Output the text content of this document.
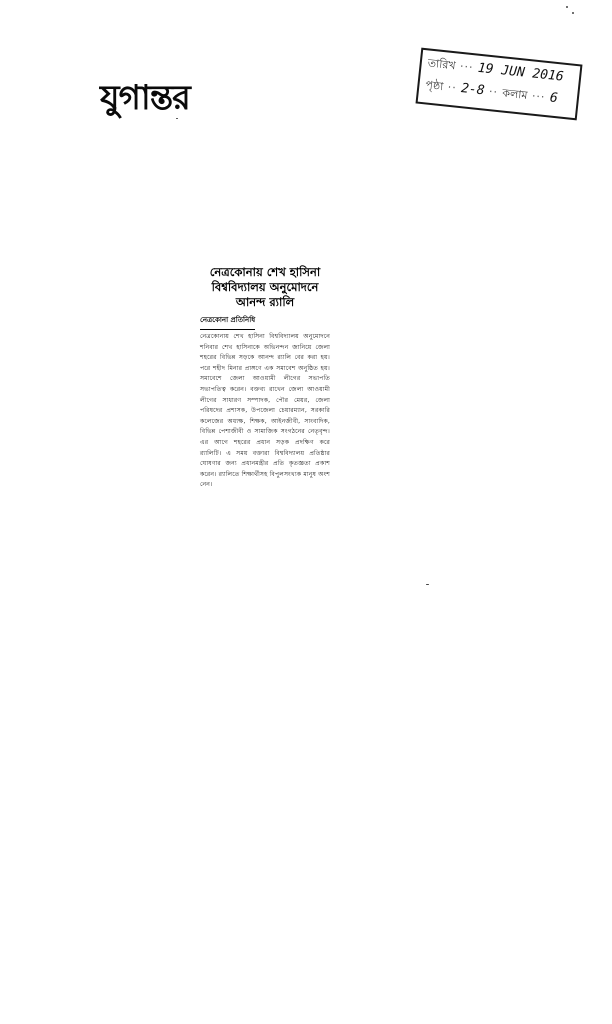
যুগান্তর
তারিখ ··· 19 JUN 2016
পৃষ্ঠা ·· 2-8 ·· কলাম ··· 6
নেত্রকোনায় শেখ হাসিনা
বিশ্ববিদ্যালয় অনুমোদনে
আনন্দ র‍্যালি
নেত্রকোনা প্রতিনিধি
নেত্রকোনায় শেখ হাসিনা বিশ্ববিদ্যালয় অনুমোদনে শনিবার শেখ হাসিনাকে অভিনন্দন জানিয়ে জেলা শহরের বিভিন্ন সড়কে আনন্দ র‍্যালি বের করা হয়। পরে শহীদ মিনার প্রাঙ্গণে এক সমাবেশ অনুষ্ঠিত হয়। সমাবেশে জেলা আওয়ামী লীগের সভাপতি সভাপতিত্ব করেন। বক্তব্য রাখেন জেলা আওয়ামী লীগের সাধারণ সম্পাদক, পৌর মেয়র, জেলা পরিষদের প্রশাসক, উপজেলা চেয়ারম্যান, সরকারি কলেজের অধ্যক্ষ, শিক্ষক, আইনজীবী, সাংবাদিক, বিভিন্ন পেশাজীবী ও সামাজিক সংগঠনের নেতৃবৃন্দ। এর আগে শহরের প্রধান সড়ক প্রদক্ষিণ করে র‍্যালিটি। এ সময় বক্তারা বিশ্ববিদ্যালয় প্রতিষ্ঠার ঘোষণার জন্য প্রধানমন্ত্রীর প্রতি কৃতজ্ঞতা প্রকাশ করেন। র‍্যালিতে শিক্ষার্থীসহ বিপুলসংখ্যক মানুষ অংশ নেন।
